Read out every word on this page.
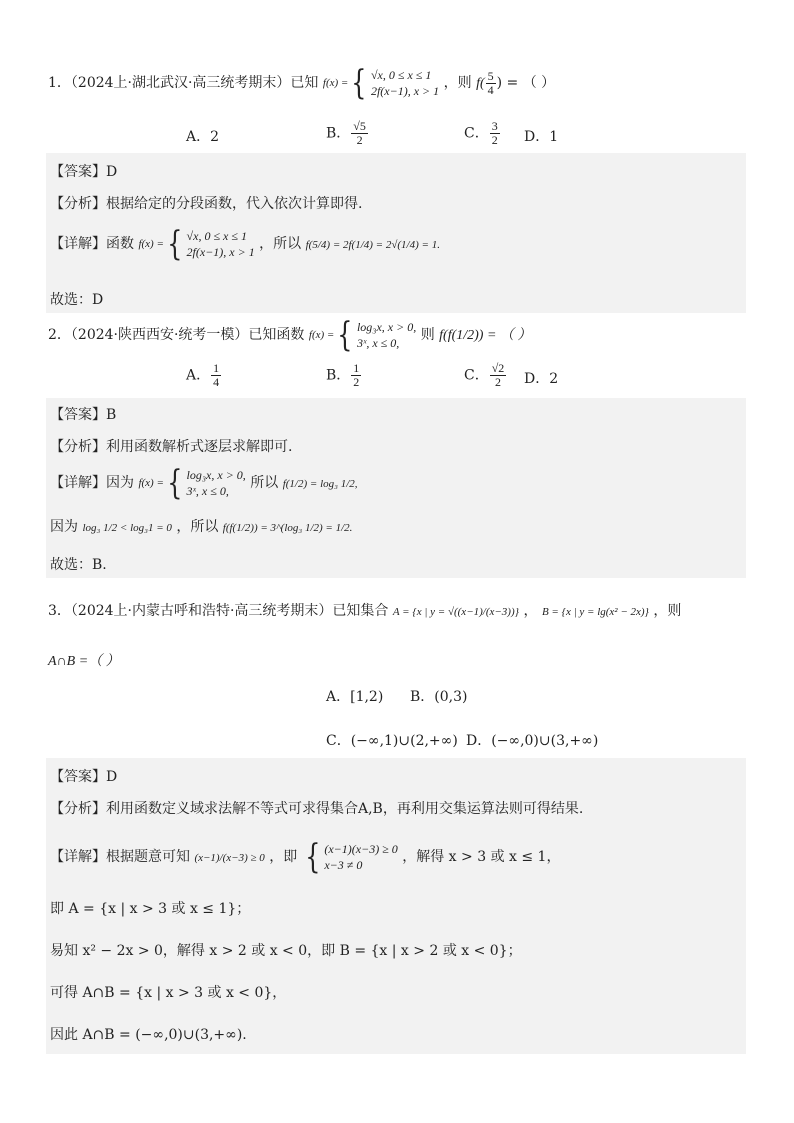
1．（2024上·湖北武汉·高三统考期末）已知 f(x) = { √x, 0 ≤ x ≤ 1
2f(x−1), x > 1 ，则 $f( \frac{5}{4}$ ) = （ ）
A．2	B． $\frac{√5}{2}$	C． $\frac{3}{2}$ D．1
【答案】D
【分析】根据给定的分段函数，代入依次计算即得.
【详解】函数 f(x) = { √x, 0 ≤ x ≤ 1
2f(x−1), x > 1 ，所以 f(5/4) = 2f(1/4) = 2√(1/4) = 1.
故选：D
2．（2024·陕西西安·统考一模）已知函数 f(x) = { log₃x, x > 0,
3ˣ, x ≤ 0,	则 f(f(1/2)) = （ ）
A． $\frac{1}{4}$	B． $\frac{1}{2}$	C． $\frac{√2}{2}$ D．2
【答案】B
【分析】利用函数解析式逐层求解即可.
【详解】因为 f(x) = { log₃x, x > 0,
3ˣ, x ≤ 0,	所以 f(1/2) = log₃ 1/2,
因为 log₃ 1/2 < log₃1 = 0 ，所以 f(f(1/2)) = 3^(log₃ 1/2) = 1/2.
故选：B.
3．（2024上·内蒙古呼和浩特·高三统考期末）已知集合 A = {x | y = √((x−1)/(x−3))} ， B = {x | y = lg(x² − 2x)} ，则
A∩B =（ ）
A．[1,2) B．(0,3)
C．(−∞,1)∪(2,+∞) D．(−∞,0)∪(3,+∞)
【答案】D
【分析】利用函数定义域求法解不等式可求得集合A,B，再利用交集运算法则可得结果.
【详解】根据题意可知 (x−1)/(x−3) ≥ 0 ，即 { (x−1)(x−3) ≥ 0
x−3 ≠ 0	，解得 x > 3 或 x ≤ 1，
即 A = {x | x > 3 或 x ≤ 1}；
易知 x² − 2x > 0，解得 x > 2 或 x < 0，即 B = {x | x > 2 或 x < 0}；
可得 A∩B = {x | x > 3 或 x < 0}，
因此 A∩B = (−∞,0)∪(3,+∞).
